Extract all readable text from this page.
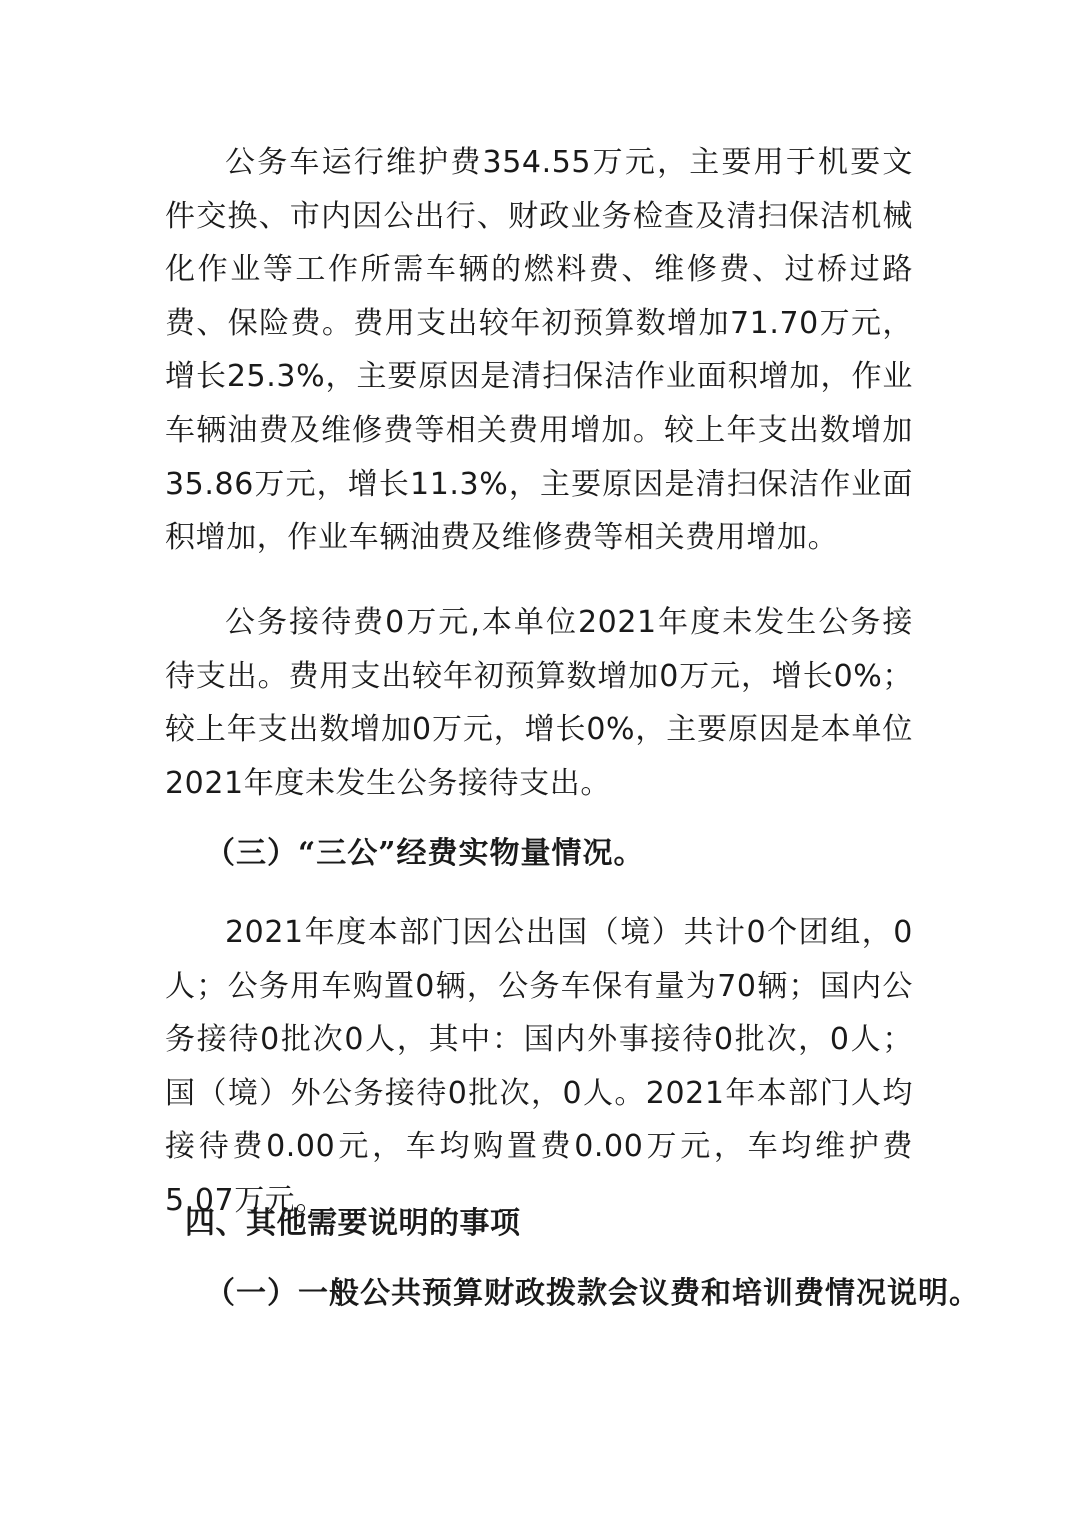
公务车运行维护费354.55万元，主要用于机要文件交换、市内因公出行、财政业务检查及清扫保洁机械化作业等工作所需车辆的燃料费、维修费、过桥过路费、保险费。费用支出较年初预算数增加71.70万元，增长25.3%，主要原因是清扫保洁作业面积增加，作业车辆油费及维修费等相关费用增加。较上年支出数增加35.86万元，增长11.3%，主要原因是清扫保洁作业面积增加，作业车辆油费及维修费等相关费用增加。

公务接待费0万元,本单位2021年度未发生公务接待支出。费用支出较年初预算数增加0万元，增长0%；较上年支出数增加0万元，增长0%，主要原因是本单位2021年度未发生公务接待支出。

（三）“三公”经费实物量情况。

2021年度本部门因公出国（境）共计0个团组，0人；公务用车购置0辆，公务车保有量为70辆；国内公务接待0批次0人，其中：国内外事接待0批次，0人；国（境）外公务接待0批次，0人。2021年本部门人均接待费0.00元，车均购置费0.00万元，车均维护费5.07万元。

四、其他需要说明的事项
（一）一般公共预算财政拨款会议费和培训费情况说明。
